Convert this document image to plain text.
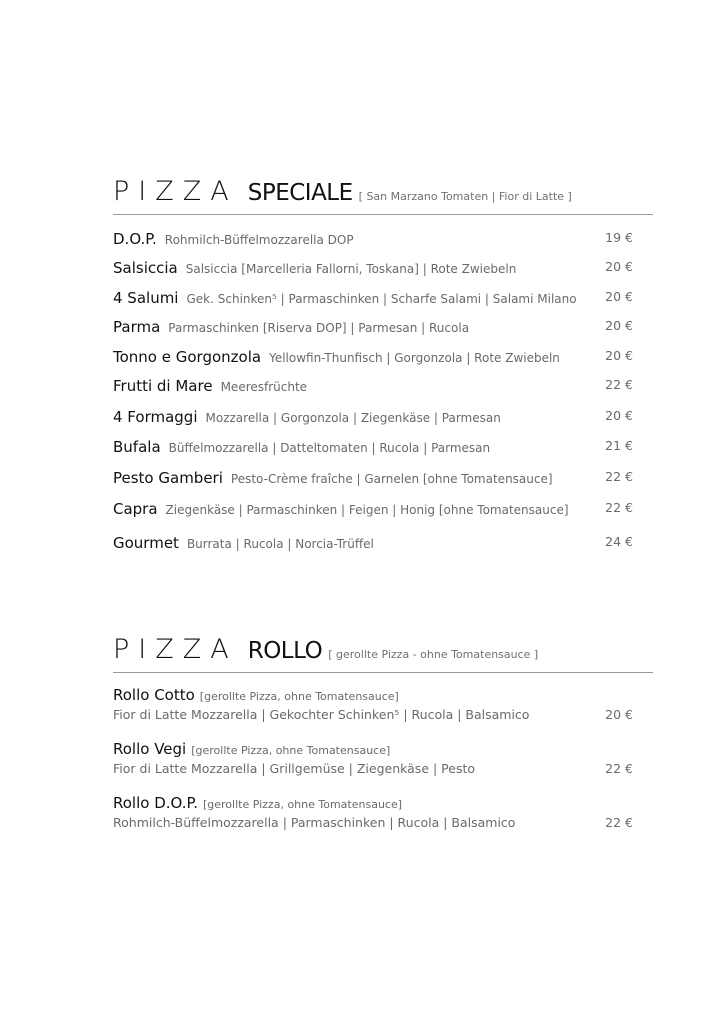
PIZZA SPECIALE [ San Marzano Tomaten | Fior di Latte ]
D.O.P. Rohmilch-Büffelmozzarella DOP	19 €
Salsiccia Salsiccia [Marcelleria Fallorni, Toskana] | Rote Zwiebeln	20 €
4 Salumi Gek. Schinken⁵ | Parmaschinken | Scharfe Salami | Salami Milano 20 €
Parma Parmaschinken [Riserva DOP] | Parmesan | Rucola	20 €
Tonno e Gorgonzola Yellowfin-Thunfisch | Gorgonzola | Rote Zwiebeln	20 €
Frutti di Mare Meeresfrüchte	22 €
4 Formaggi Mozzarella | Gorgonzola | Ziegenkäse | Parmesan	20 €
Bufala Büffelmozzarella | Datteltomaten | Rucola | Parmesan	21 €
Pesto Gamberi Pesto-Crème fraîche | Garnelen [ohne Tomatensauce]	22 €
Capra Ziegenkäse | Parmaschinken | Feigen | Honig [ohne Tomatensauce]	22 €
Gourmet Burrata | Rucola | Norcia-Trüffel	24 €
PIZZA ROLLO [ gerollte Pizza - ohne Tomatensauce ]
Rollo Cotto [gerollte Pizza, ohne Tomatensauce]
Fior di Latte Mozzarella | Gekochter Schinken⁵ | Rucola | Balsamico	20 €
Rollo Vegi [gerollte Pizza, ohne Tomatensauce]
Fior di Latte Mozzarella | Grillgemüse | Ziegenkäse | Pesto	22 €
Rollo D.O.P. [gerollte Pizza, ohne Tomatensauce]
Rohmilch-Büffelmozzarella | Parmaschinken | Rucola | Balsamico	22 €
